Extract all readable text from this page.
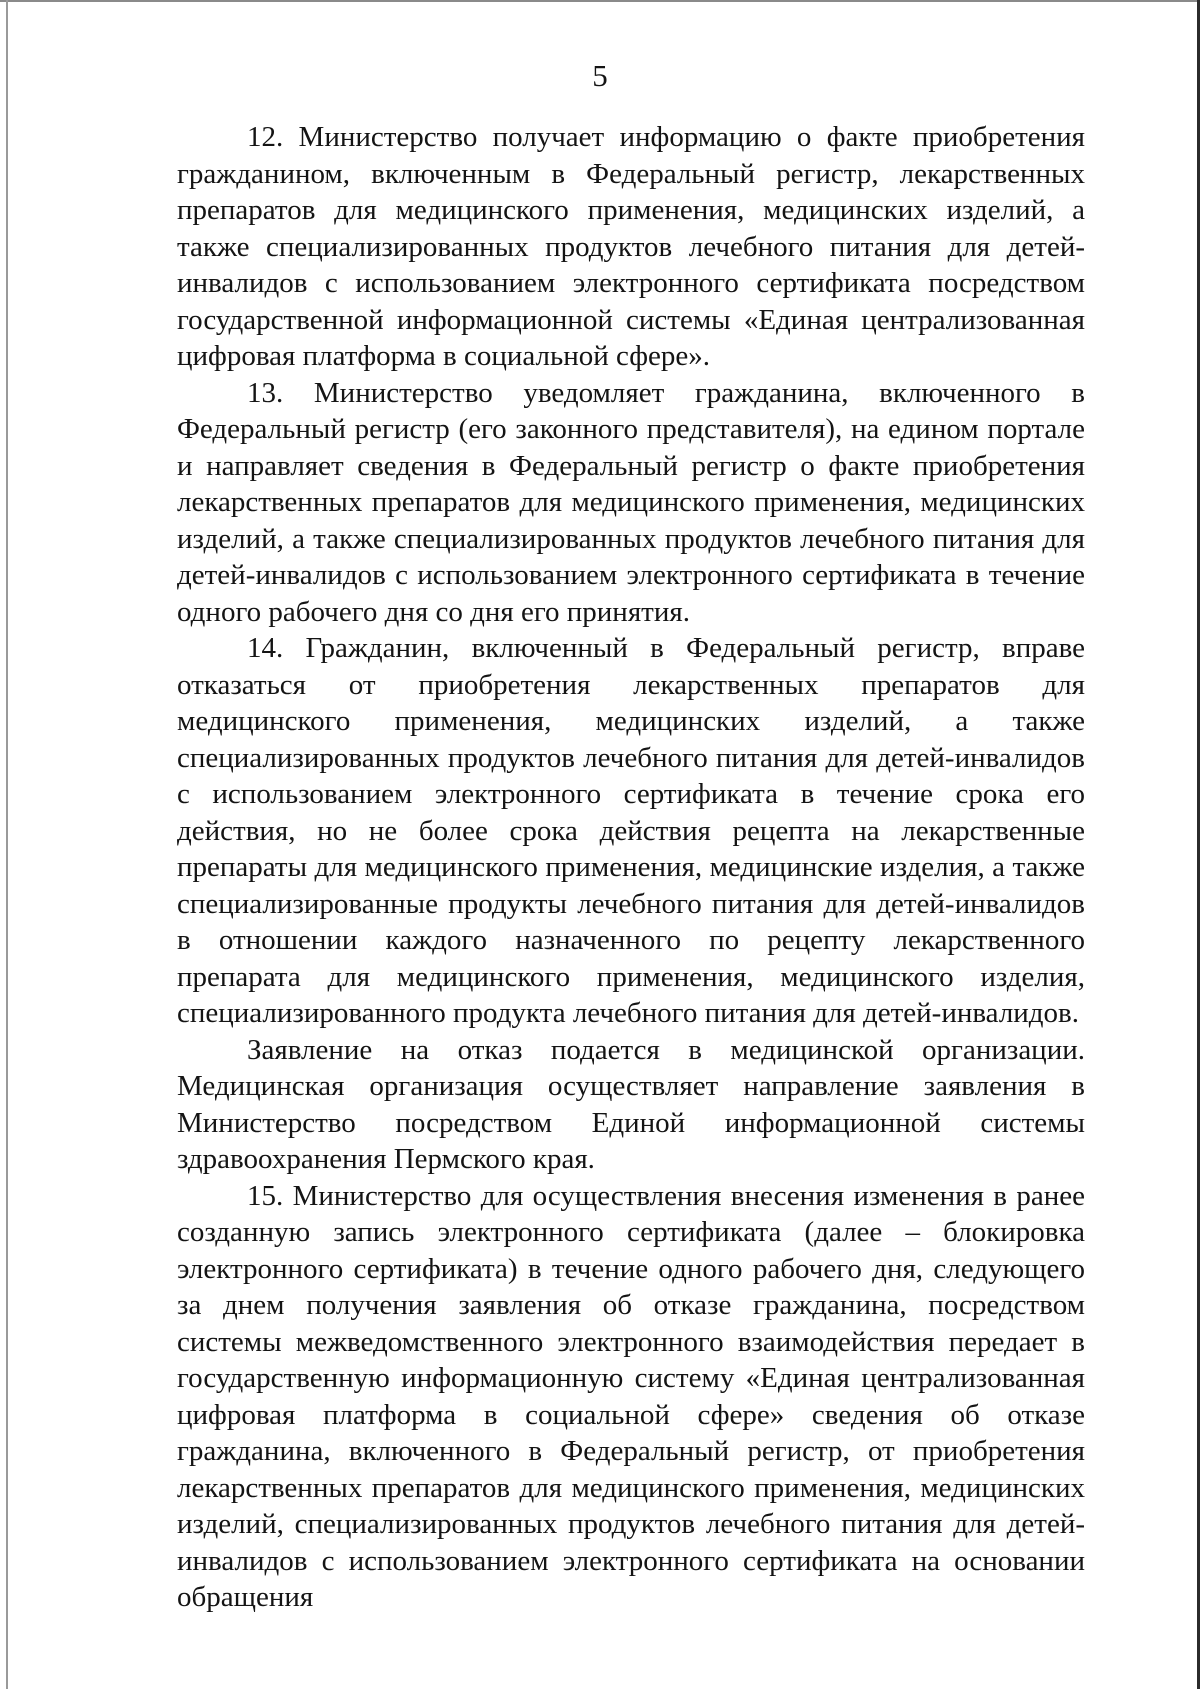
5

12. Министерство получает информацию о факте приобретения гражданином, включенным в Федеральный регистр, лекарственных препаратов для медицинского применения, медицинских изделий, а также специализированных продуктов лечебного питания для детей-инвалидов с использованием электронного сертификата посредством государственной информационной системы «Единая централизованная цифровая платформа в социальной сфере».

13. Министерство уведомляет гражданина, включенного в Федеральный регистр (его законного представителя), на едином портале и направляет сведения в Федеральный регистр о факте приобретения лекарственных препаратов для медицинского применения, медицинских изделий, а также специализированных продуктов лечебного питания для детей-инвалидов с использованием электронного сертификата в течение одного рабочего дня со дня его принятия.

14. Гражданин, включенный в Федеральный регистр, вправе отказаться от приобретения лекарственных препаратов для медицинского применения, медицинских изделий, а также специализированных продуктов лечебного питания для детей-инвалидов с использованием электронного сертификата в течение срока его действия, но не более срока действия рецепта на лекарственные препараты для медицинского применения, медицинские изделия, а также специализированные продукты лечебного питания для детей-инвалидов в отношении каждого назначенного по рецепту лекарственного препарата для медицинского применения, медицинского изделия, специализированного продукта лечебного питания для детей-инвалидов.

Заявление на отказ подается в медицинской организации. Медицинская организация осуществляет направление заявления в Министерство посредством Единой информационной системы здравоохранения Пермского края.

15. Министерство для осуществления внесения изменения в ранее созданную запись электронного сертификата (далее – блокировка электронного сертификата) в течение одного рабочего дня, следующего за днем получения заявления об отказе гражданина, посредством системы межведомственного электронного взаимодействия передает в государственную информационную систему «Единая централизованная цифровая платформа в социальной сфере» сведения об отказе гражданина, включенного в Федеральный регистр, от приобретения лекарственных препаратов для медицинского применения, медицинских изделий, специализированных продуктов лечебного питания для детей-инвалидов с использованием электронного сертификата на основании обращения
